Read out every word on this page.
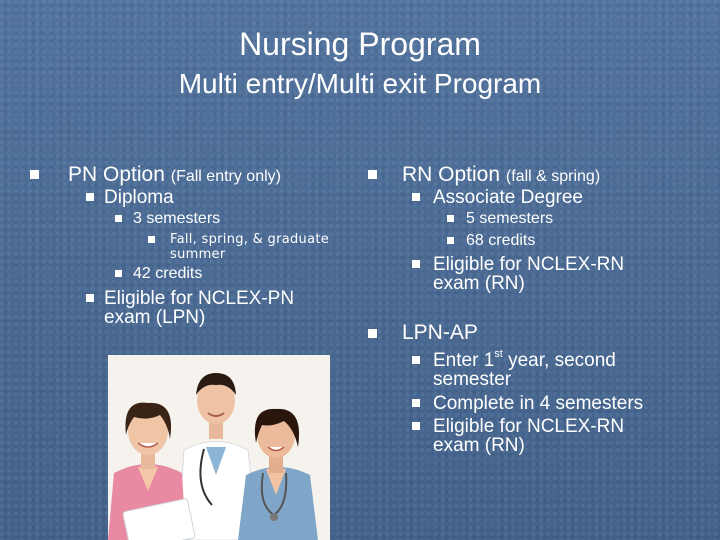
Nursing Program
Multi entry/Multi exit Program
PN Option (Fall entry only)
Diploma
3 semesters
Fall, spring, & graduate
summer
42 credits
Eligible for NCLEX-PN
exam (LPN)
RN Option (fall & spring)
Associate Degree
5 semesters
68 credits
Eligible for NCLEX-RN
exam (RN)
LPN-AP
Enter 1st year, second
semester
Complete in 4 semesters
Eligible for NCLEX-RN
exam (RN)
